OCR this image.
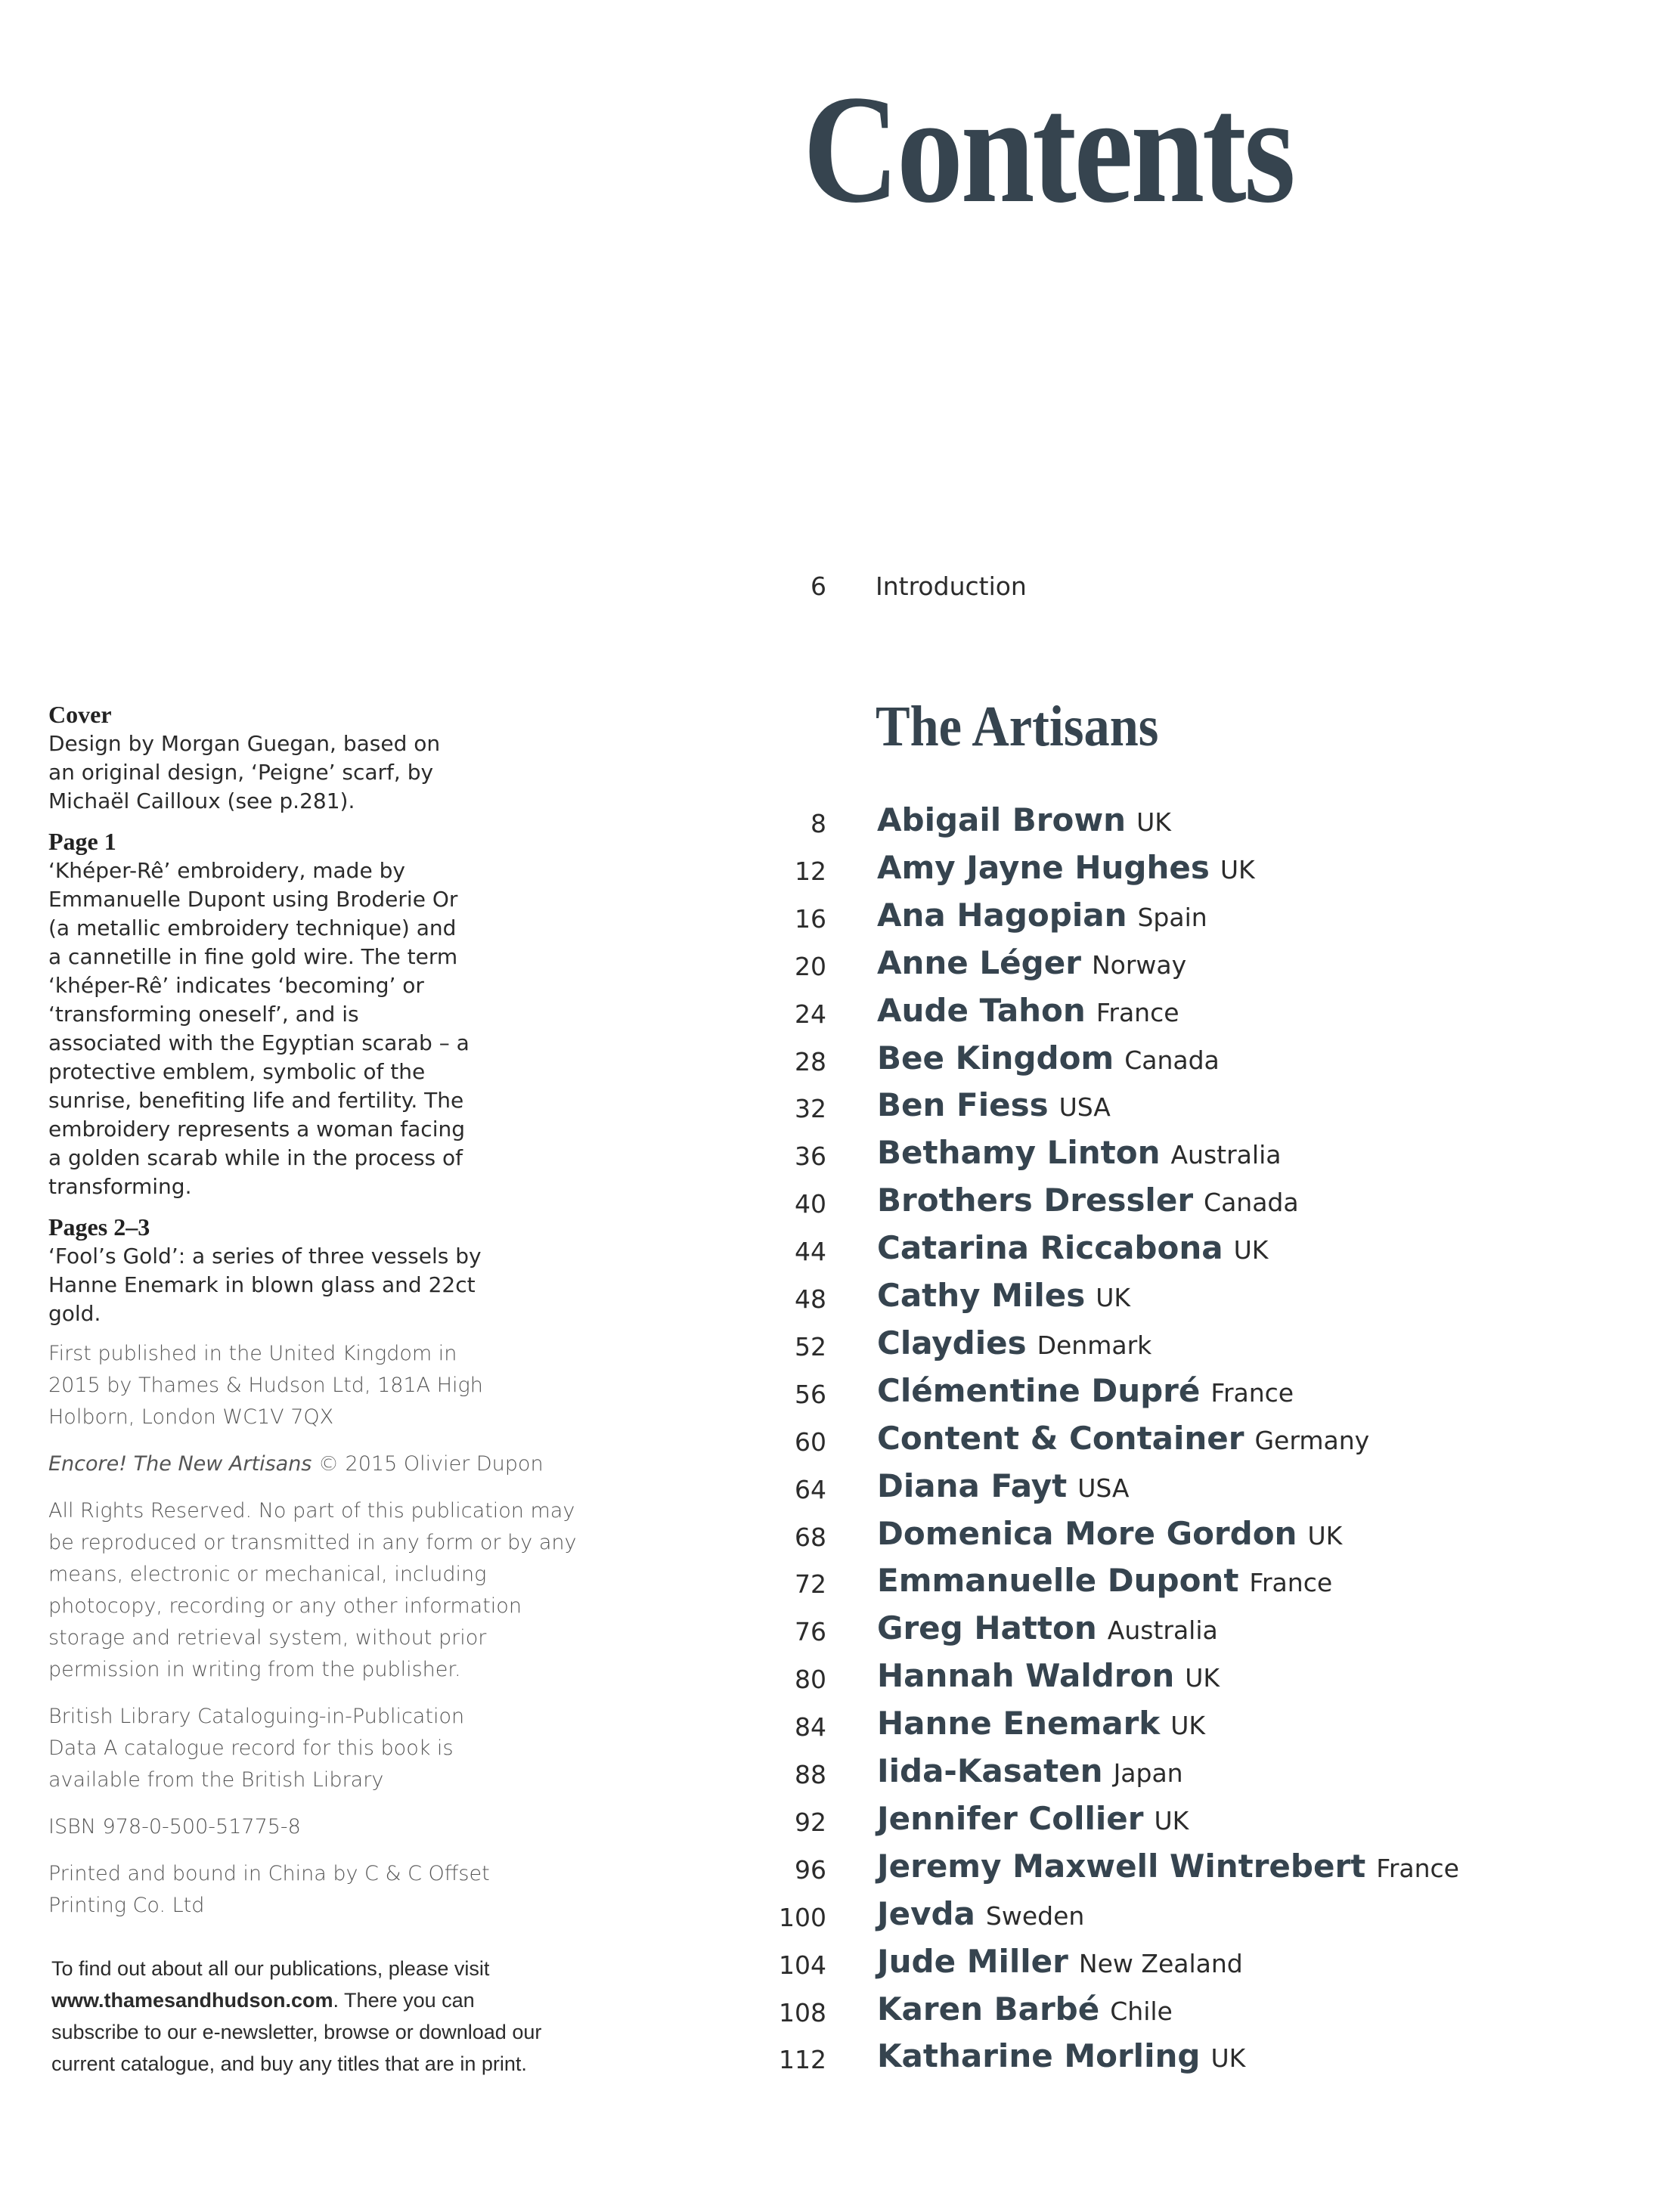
Contents
6 Introduction
The Artisans
8 Abigail Brown UK
12 Amy Jayne Hughes UK
16 Ana Hagopian Spain
20 Anne Léger Norway
24 Aude Tahon France
28 Bee Kingdom Canada
32 Ben Fiess USA
36 Bethamy Linton Australia
40 Brothers Dressler Canada
44 Catarina Riccabona UK
48 Cathy Miles UK
52 Claydies Denmark
56 Clémentine Dupré France
60 Content & Container Germany
64 Diana Fayt USA
68 Domenica More Gordon UK
72 Emmanuelle Dupont France
76 Greg Hatton Australia
80 Hannah Waldron UK
84 Hanne Enemark UK
88 Iida-Kasaten Japan
92 Jennifer Collier UK
96 Jeremy Maxwell Wintrebert France
100 Jevda Sweden
104 Jude Miller New Zealand
108 Karen Barbé Chile
112 Katharine Morling UK
Cover

Design by Morgan Guegan, based on an original design, ‘Peigne’ scarf, by Michaël Cailloux (see p.281).

Page 1

‘Khéper-Rê’ embroidery, made by Emmanuelle Dupont using Broderie Or (a metallic embroidery technique) and a cannetille in fine gold wire. The term ‘khéper-Rê’ indicates ‘becoming’ or ‘transforming oneself’, and is associated with the Egyptian scarab – a protective emblem, symbolic of the sunrise, benefiting life and fertility. The embroidery represents a woman facing a golden scarab while in the process of transforming.

Pages 2–3

‘Fool’s Gold’: a series of three vessels by Hanne Enemark in blown glass and 22ct gold.

First published in the United Kingdom in 2015 by Thames & Hudson Ltd, 181A High Holborn, London WC1V 7QX

Encore! The New Artisans © 2015 Olivier Dupon

All Rights Reserved. No part of this publication may be reproduced or transmitted in any form or by any means, electronic or mechanical, including photocopy, recording or any other information storage and retrieval system, without prior permission in writing from the publisher.

British Library Cataloguing-in-Publication Data A catalogue record for this book is available from the British Library

ISBN 978-0-500-51775-8

Printed and bound in China by C & C Offset Printing Co. Ltd

To find out about all our publications, please visit www.thamesandhudson.com. There you can subscribe to our e-newsletter, browse or download our current catalogue, and buy any titles that are in print.
